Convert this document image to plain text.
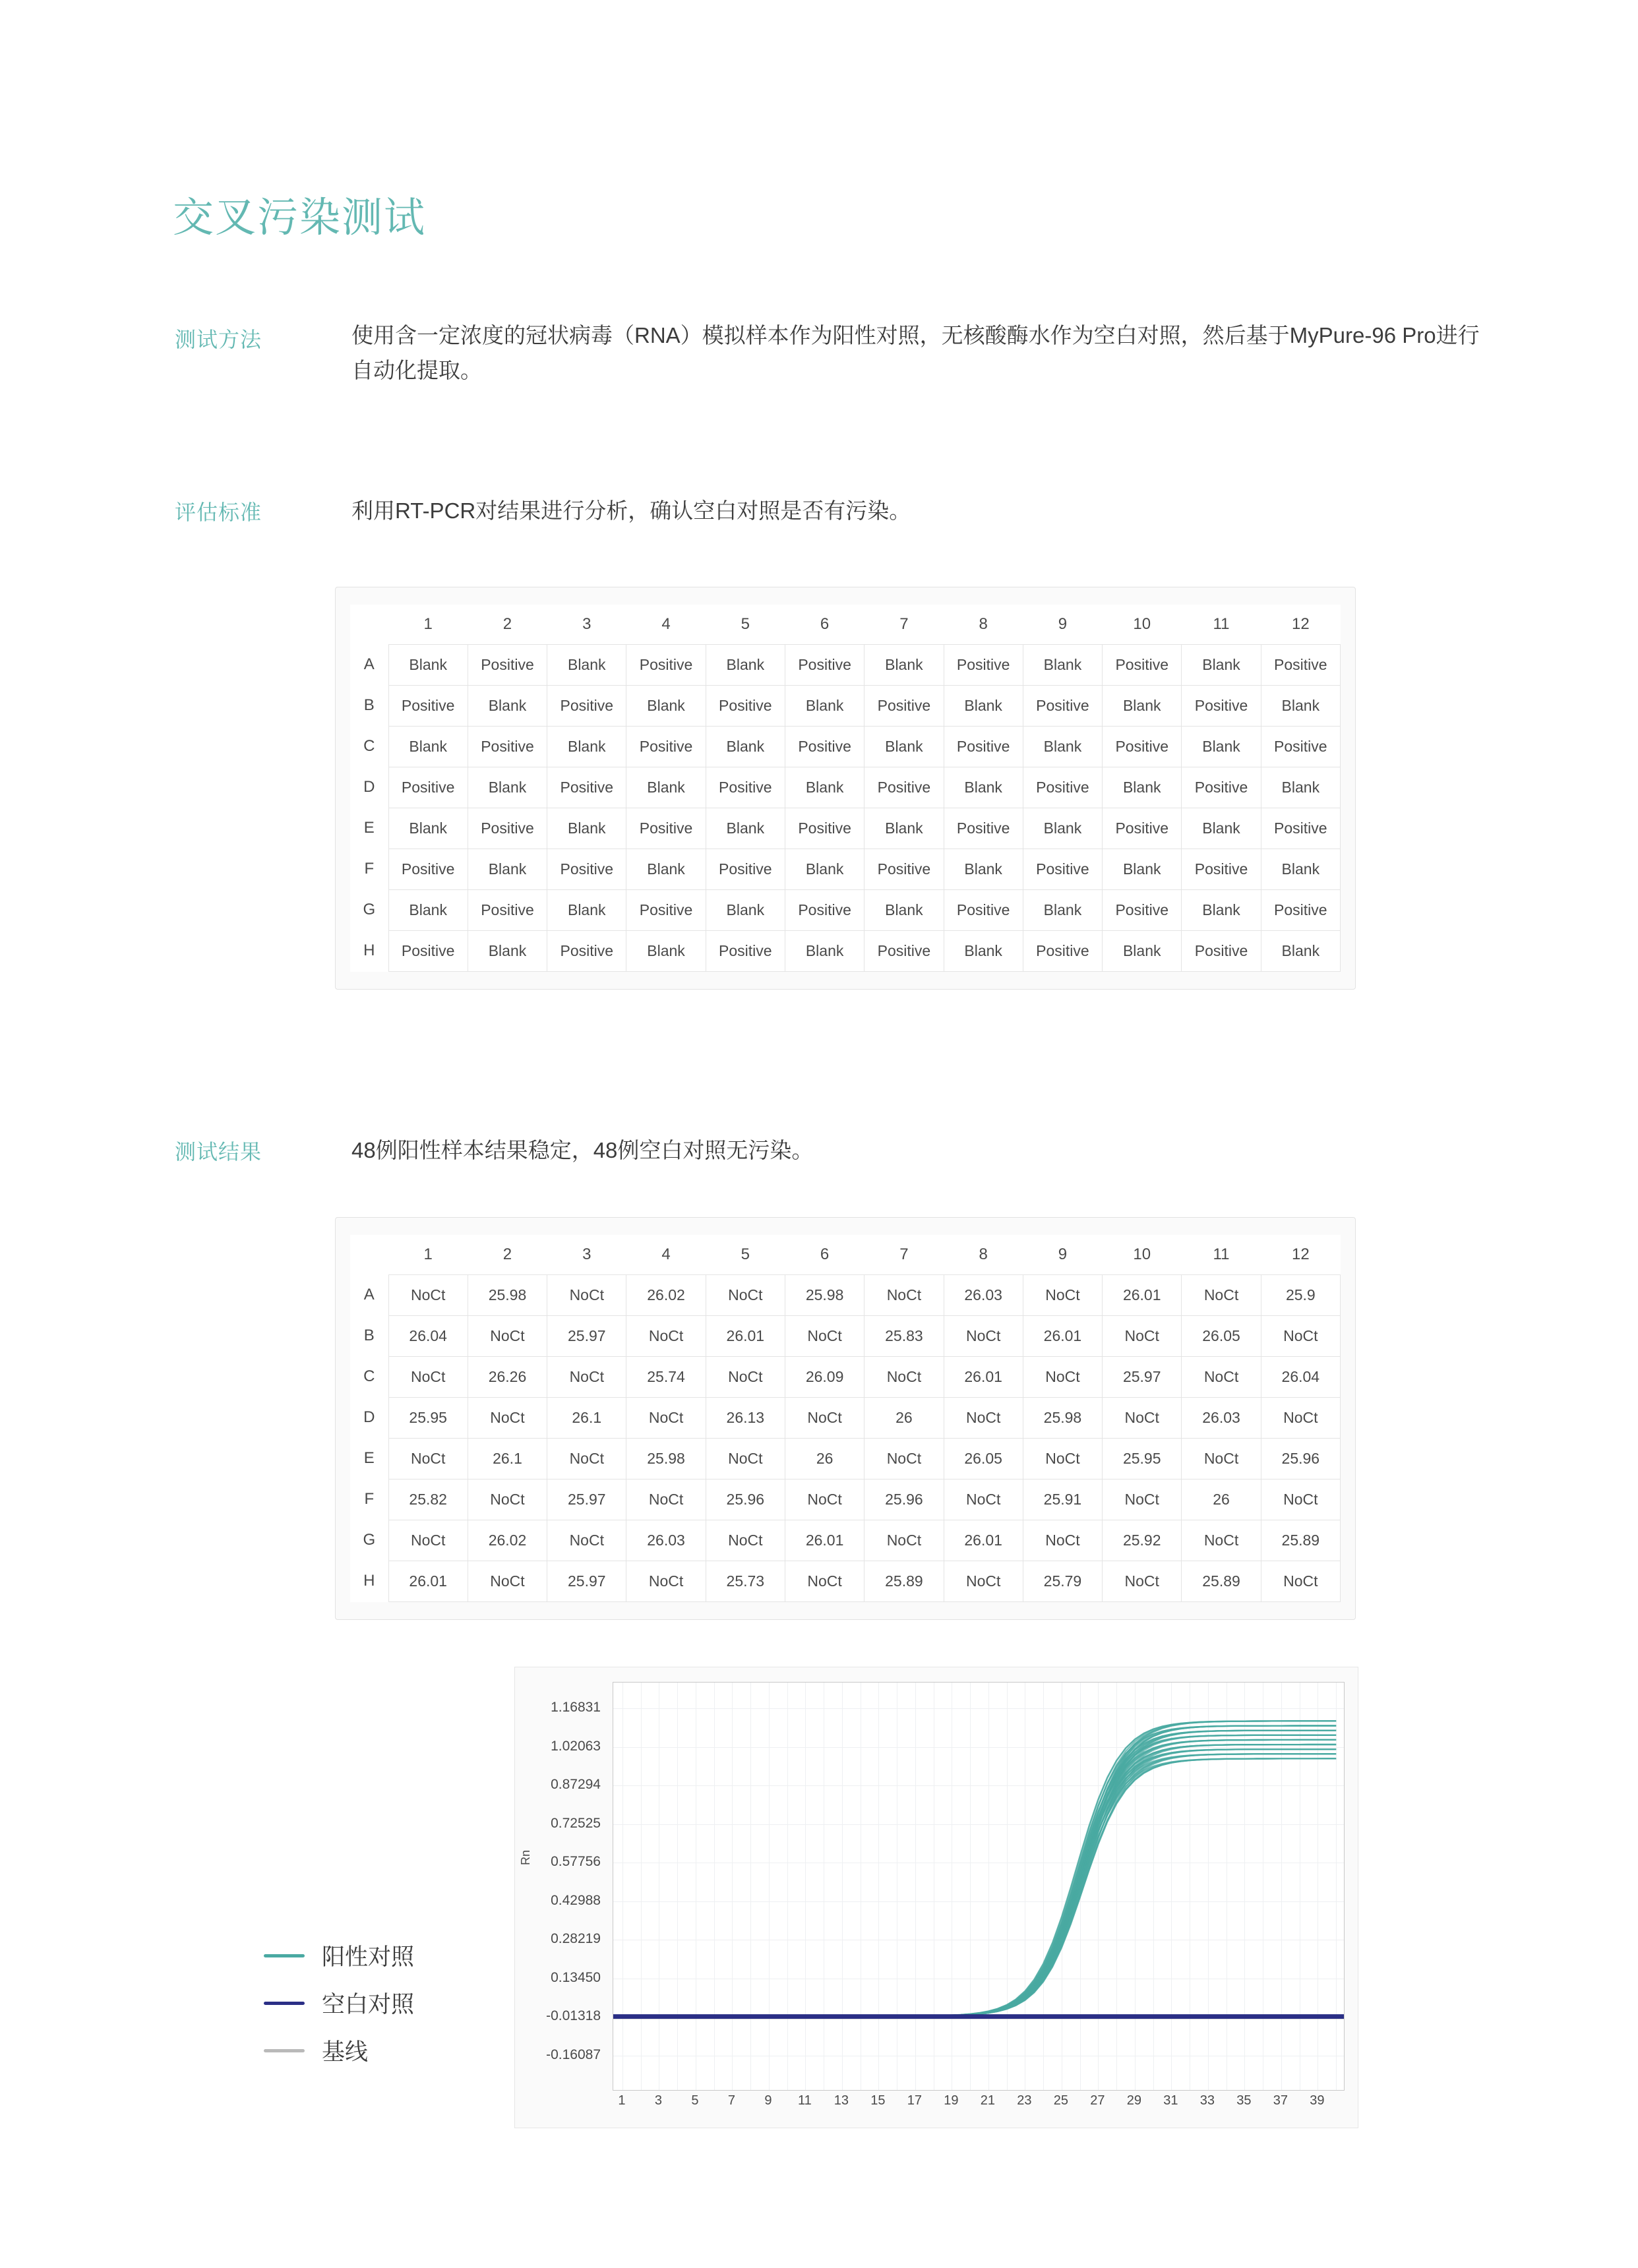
交叉污染测试
测试方法	使用含一定浓度的冠状病毒（RNA）模拟样本作为阳性对照，无核酸酶水作为空白对照，然后基于MyPure-96 Pro进行自动化提取。
评估标准	利用RT-PCR对结果进行分析，确认空白对照是否有污染。
	1	2	3	4	5	6	7	8	9	10	11	12
A	Blank	Positive	Blank	Positive	Blank	Positive	Blank	Positive	Blank	Positive	Blank	Positive
B	Positive	Blank	Positive	Blank	Positive	Blank	Positive	Blank	Positive	Blank	Positive	Blank
C	Blank	Positive	Blank	Positive	Blank	Positive	Blank	Positive	Blank	Positive	Blank	Positive
D	Positive	Blank	Positive	Blank	Positive	Blank	Positive	Blank	Positive	Blank	Positive	Blank
E	Blank	Positive	Blank	Positive	Blank	Positive	Blank	Positive	Blank	Positive	Blank	Positive
F	Positive	Blank	Positive	Blank	Positive	Blank	Positive	Blank	Positive	Blank	Positive	Blank
G	Blank	Positive	Blank	Positive	Blank	Positive	Blank	Positive	Blank	Positive	Blank	Positive
H	Positive	Blank	Positive	Blank	Positive	Blank	Positive	Blank	Positive	Blank	Positive	Blank
测试结果	48例阳性样本结果稳定，48例空白对照无污染。
	1	2	3	4	5	6	7	8	9	10	11	12
A	NoCt	25.98	NoCt	26.02	NoCt	25.98	NoCt	26.03	NoCt	26.01	NoCt	25.9
B	26.04	NoCt	25.97	NoCt	26.01	NoCt	25.83	NoCt	26.01	NoCt	26.05	NoCt
C	NoCt	26.26	NoCt	25.74	NoCt	26.09	NoCt	26.01	NoCt	25.97	NoCt	26.04
D	25.95	NoCt	26.1	NoCt	26.13	NoCt	26	NoCt	25.98	NoCt	26.03	NoCt
E	NoCt	26.1	NoCt	25.98	NoCt	26	NoCt	26.05	NoCt	25.95	NoCt	25.96
F	25.82	NoCt	25.97	NoCt	25.96	NoCt	25.96	NoCt	25.91	NoCt	26	NoCt
G	NoCt	26.02	NoCt	26.03	NoCt	26.01	NoCt	26.01	NoCt	25.92	NoCt	25.89
H	26.01	NoCt	25.97	NoCt	25.73	NoCt	25.89	NoCt	25.79	NoCt	25.89	NoCt
Rn
1.16831
1.02063
0.87294
0.72525
0.57756
0.42988
0.28219
0.13450
-0.01318
-0.16087
1 3 5 7 9 11 13 15 17 19 21 23 25 27 29 31 33 35 37 39
阳性对照
空白对照
基线
